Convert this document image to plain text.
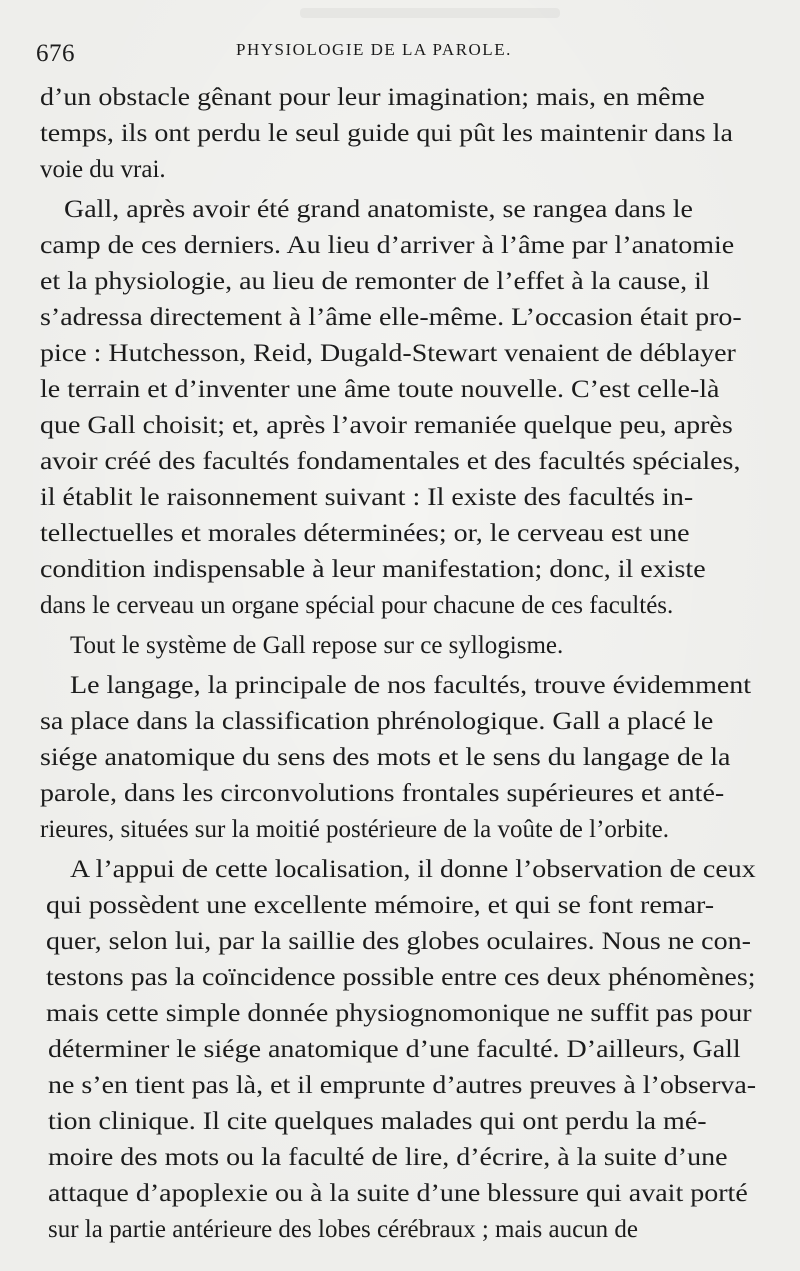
676	PHYSIOLOGIE DE LA PAROLE.
d’un obstacle gênant pour leur imagination; mais, en même
temps, ils ont perdu le seul guide qui pût les maintenir dans la
voie du vrai.
Gall, après avoir été grand anatomiste, se rangea dans le
camp de ces derniers. Au lieu d’arriver à l’âme par l’anatomie
et la physiologie, au lieu de remonter de l’effet à la cause, il
s’adressa directement à l’âme elle-même. L’occasion était pro-
pice : Hutchesson, Reid, Dugald-Stewart venaient de déblayer
le terrain et d’inventer une âme toute nouvelle. C’est celle-là
que Gall choisit; et, après l’avoir remaniée quelque peu, après
avoir créé des facultés fondamentales et des facultés spéciales,
il établit le raisonnement suivant : Il existe des facultés in-
tellectuelles et morales déterminées; or, le cerveau est une
condition indispensable à leur manifestation; donc, il existe
dans le cerveau un organe spécial pour chacune de ces facultés.
Tout le système de Gall repose sur ce syllogisme.
Le langage, la principale de nos facultés, trouve évidemment
sa place dans la classification phrénologique. Gall a placé le
siége anatomique du sens des mots et le sens du langage de la
parole, dans les circonvolutions frontales supérieures et anté-
rieures, situées sur la moitié postérieure de la voûte de l’orbite.
A l’appui de cette localisation, il donne l’observation de ceux
qui possèdent une excellente mémoire, et qui se font remar-
quer, selon lui, par la saillie des globes oculaires. Nous ne con-
testons pas la coïncidence possible entre ces deux phénomènes;
mais cette simple donnée physiognomonique ne suffit pas pour
déterminer le siége anatomique d’une faculté. D’ailleurs, Gall
ne s’en tient pas là, et il emprunte d’autres preuves à l’observa-
tion clinique. Il cite quelques malades qui ont perdu la mé-
moire des mots ou la faculté de lire, d’écrire, à la suite d’une
attaque d’apoplexie ou à la suite d’une blessure qui avait porté
sur la partie antérieure des lobes cérébraux ; mais aucun de
